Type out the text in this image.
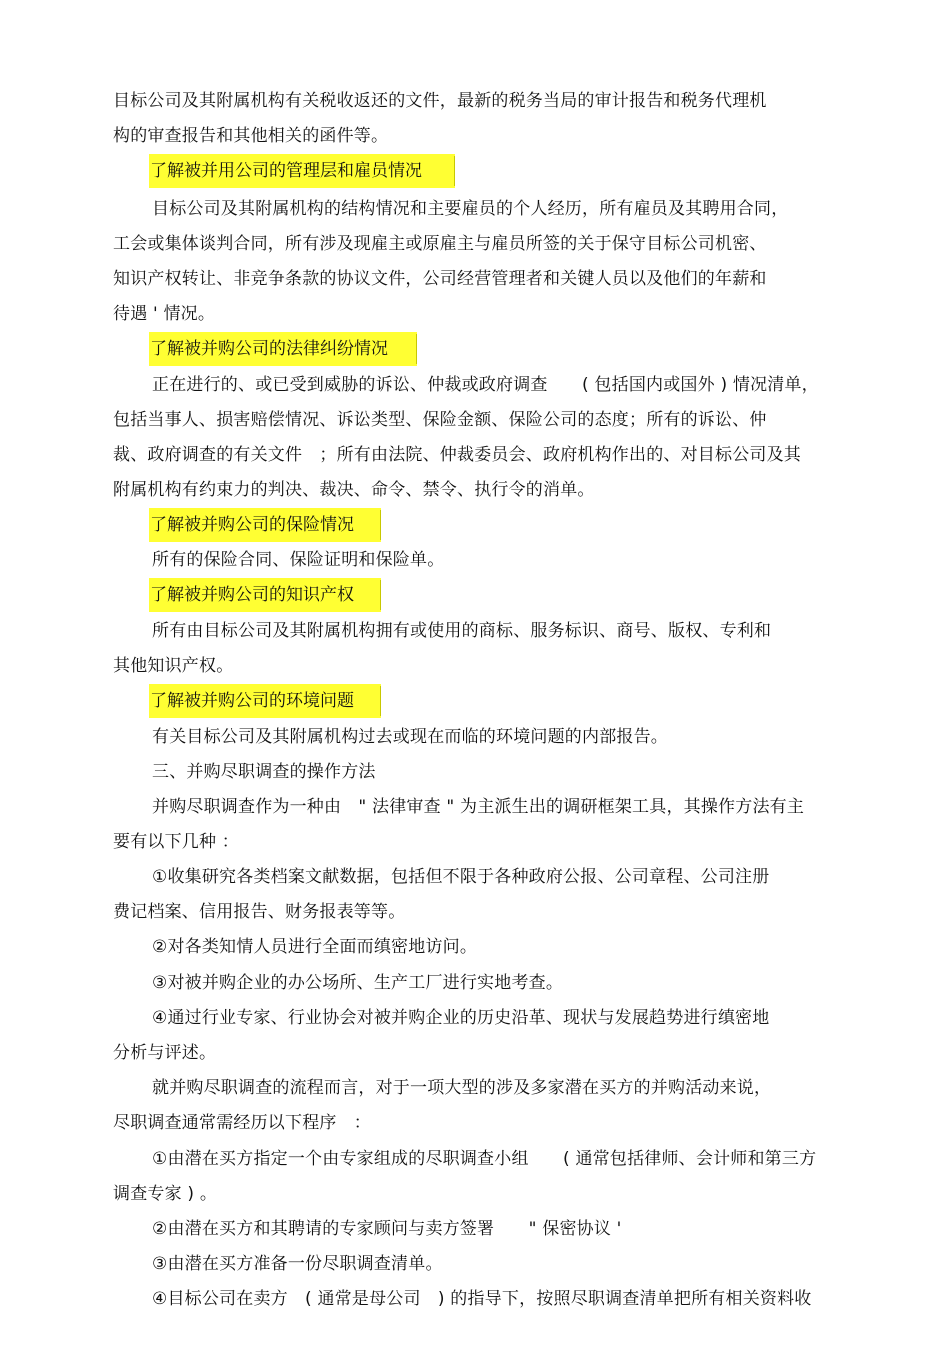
目标公司及其附属机构有关税收返还的文件，最新的税务当局的审计报告和税务代理机
构的审查报告和其他相关的函件等。
了解被并用公司的管理层和雇员情况
目标公司及其附属机构的结构情况和主要雇员的个人经历，所有雇员及其聘用合同，
工会或集体谈判合同，所有涉及现雇主或原雇主与雇员所签的关于保守目标公司机密、
知识产权转让、非竞争条款的协议文件，公司经营管理者和关键人员以及他们的年薪和
待遇 ' 情况。
了解被并购公司的法律纠纷情况
正在进行的、或已受到威胁的诉讼、仲裁或政府调查　　( 包括国内或国外 ) 情况清单，
包括当事人、损害赔偿情况、诉讼类型、保险金额、保险公司的态度；所有的诉讼、仲
裁、政府调查的有关文件　；所有由法院、仲裁委员会、政府机构作出的、对目标公司及其
附属机构有约束力的判决、裁决、命令、禁令、执行令的消单。
了解被并购公司的保险情况
所有的保险合同、保险证明和保险单。
了解被并购公司的知识产权
所有由目标公司及其附属机构拥有或使用的商标、服务标识、商号、版权、专利和
其他知识产权。
了解被并购公司的环境问题
有关目标公司及其附属机构过去或现在而临的环境问题的内部报告。
三、并购尽职调查的操作方法
并购尽职调查作为一种由　" 法律审查 " 为主派生出的调研框架工具，其操作方法有主
要有以下几种 ：
①收集研究各类档案文献数据，包括但不限于各种政府公报、公司章程、公司注册
费记档案、信用报告、财务报表等等。
②对各类知情人员进行全面而缜密地访问。
③对被并购企业的办公场所、生产工厂进行实地考查。
④通过行业专家、行业协会对被并购企业的历史沿革、现状与发展趋势进行缜密地
分析与评述。
就并购尽职调查的流程而言，对于一项大型的涉及多家潜在买方的并购活动来说，
尽职调查通常需经历以下程序　：
①由潜在买方指定一个由专家组成的尽职调查小组　　( 通常包括律师、会计师和第三方
调查专家 ) 。
②由潜在买方和其聘请的专家顾问与卖方签署　　" 保密协议 '
③由潜在买方准备一份尽职调查清单。
④目标公司在卖方　( 通常是母公司　) 的指导下，按照尽职调查清单把所有相关资料收
